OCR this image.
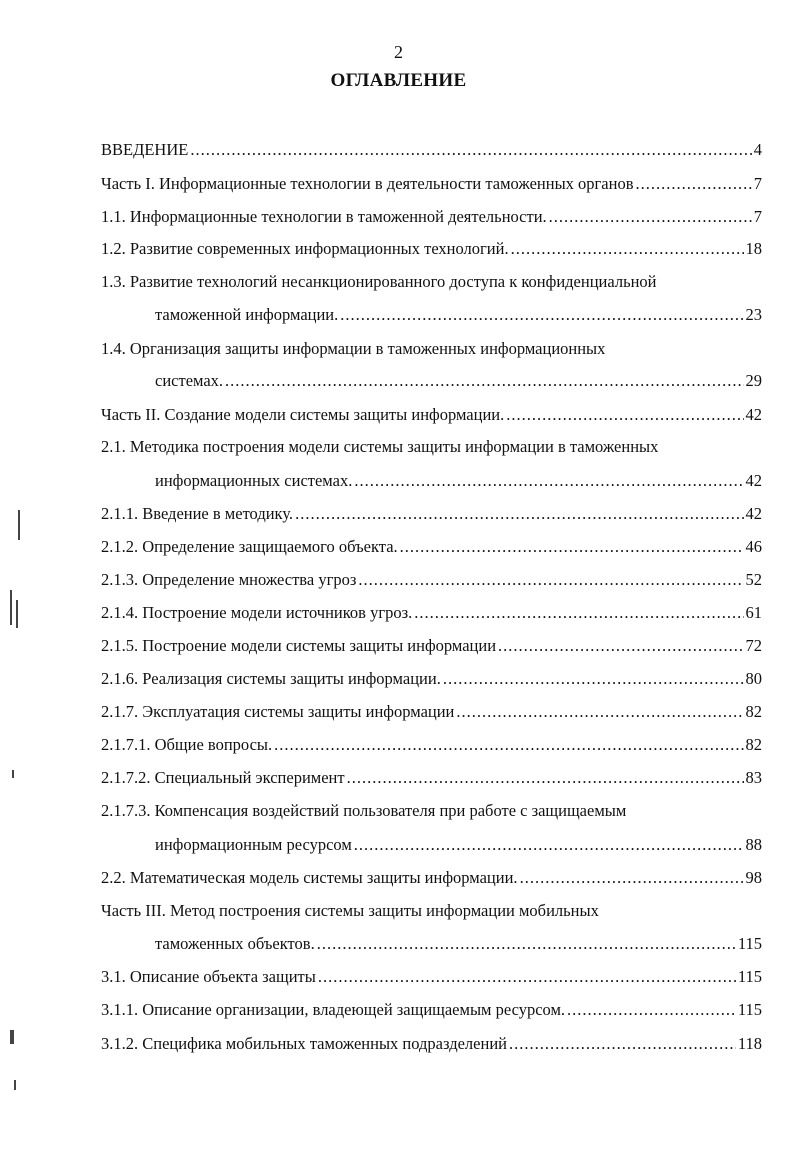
2
ОГЛАВЛЕНИЕ
ВВЕДЕНИЕ .....	4
Часть I. Информационные технологии в деятельности таможенных органов .....	7
1.1. Информационные технологии в таможенной деятельности. .....	7
1.2. Развитие современных информационных технологий. .....	18
1.3. Развитие технологий несанкционированного доступа к конфиденциальной
таможенной информации. .....	23
1.4. Организация защиты информации в таможенных информационных
системах. .....	29
Часть II. Создание модели системы защиты информации. .....	42
2.1. Методика построения модели системы защиты информации в таможенных
информационных системах. .....	42
2.1.1. Введение в методику. .....	42
2.1.2. Определение защищаемого объекта. .....	46
2.1.3. Определение множества угроз .....	52
2.1.4. Построение модели источников угроз. .....	61
2.1.5. Построение модели системы защиты информации .....	72
2.1.6. Реализация системы защиты информации. .....	80
2.1.7. Эксплуатация системы защиты информации .....	82
2.1.7.1. Общие вопросы. .....	82
2.1.7.2. Специальный эксперимент .....	83
2.1.7.3. Компенсация воздействий пользователя при работе с защищаемым
информационным ресурсом .....	88
2.2. Математическая модель системы защиты информации. .....	98
Часть III. Метод построения системы защиты информации мобильных
таможенных объектов. .....	115
3.1. Описание объекта защиты .....	115
3.1.1. Описание организации, владеющей защищаемым ресурсом. .....	115
3.1.2. Специфика мобильных таможенных подразделений .....	118
